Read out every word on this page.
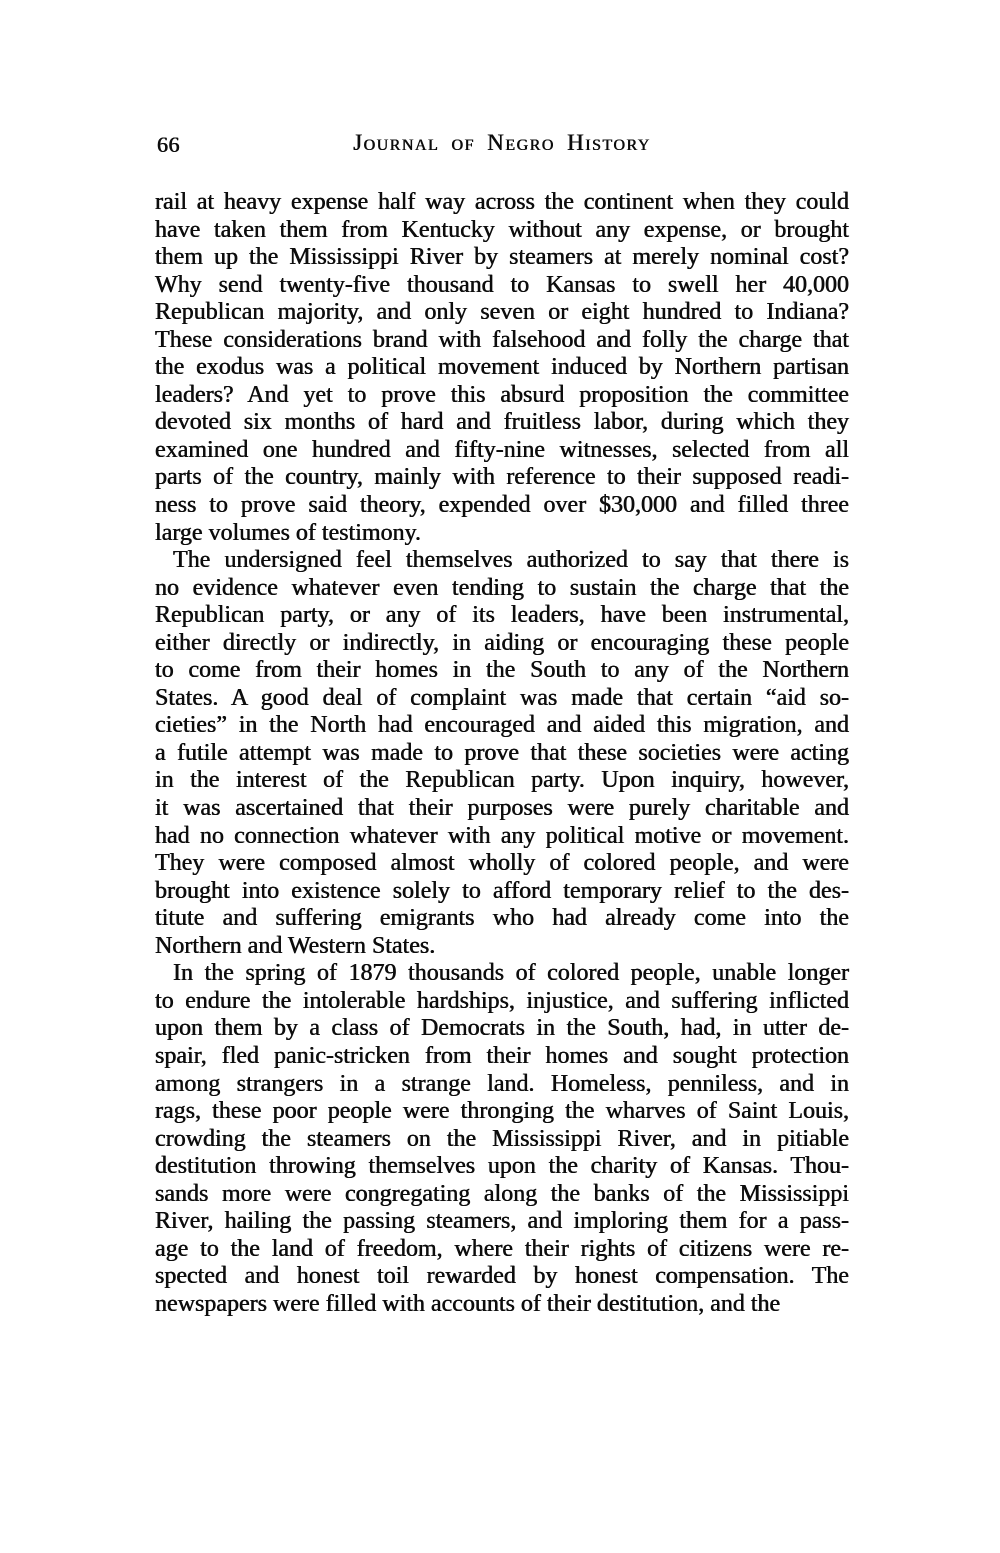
66	Journal of Negro History
rail at heavy expense half way across the continent when they could
have taken them from Kentucky without any expense, or brought
them up the Mississippi River by steamers at merely nominal cost?
Why send twenty-five thousand to Kansas to swell her 40,000
Republican majority, and only seven or eight hundred to Indiana?
These considerations brand with falsehood and folly the charge that
the exodus was a political movement induced by Northern partisan
leaders? And yet to prove this absurd proposition the committee
devoted six months of hard and fruitless labor, during which they
examined one hundred and fifty-nine witnesses, selected from all
parts of the country, mainly with reference to their supposed readi-
ness to prove said theory, expended over $30,000 and filled three
large volumes of testimony.
The undersigned feel themselves authorized to say that there is
no evidence whatever even tending to sustain the charge that the
Republican party, or any of its leaders, have been instrumental,
either directly or indirectly, in aiding or encouraging these people
to come from their homes in the South to any of the Northern
States. A good deal of complaint was made that certain “aid so-
cieties” in the North had encouraged and aided this migration, and
a futile attempt was made to prove that these societies were acting
in the interest of the Republican party. Upon inquiry, however,
it was ascertained that their purposes were purely charitable and
had no connection whatever with any political motive or movement.
They were composed almost wholly of colored people, and were
brought into existence solely to afford temporary relief to the des-
titute and suffering emigrants who had already come into the
Northern and Western States.
In the spring of 1879 thousands of colored people, unable longer
to endure the intolerable hardships, injustice, and suffering inflicted
upon them by a class of Democrats in the South, had, in utter de-
spair, fled panic-stricken from their homes and sought protection
among strangers in a strange land. Homeless, penniless, and in
rags, these poor people were thronging the wharves of Saint Louis,
crowding the steamers on the Mississippi River, and in pitiable
destitution throwing themselves upon the charity of Kansas. Thou-
sands more were congregating along the banks of the Mississippi
River, hailing the passing steamers, and imploring them for a pass-
age to the land of freedom, where their rights of citizens were re-
spected and honest toil rewarded by honest compensation. The
newspapers were filled with accounts of their destitution, and the
